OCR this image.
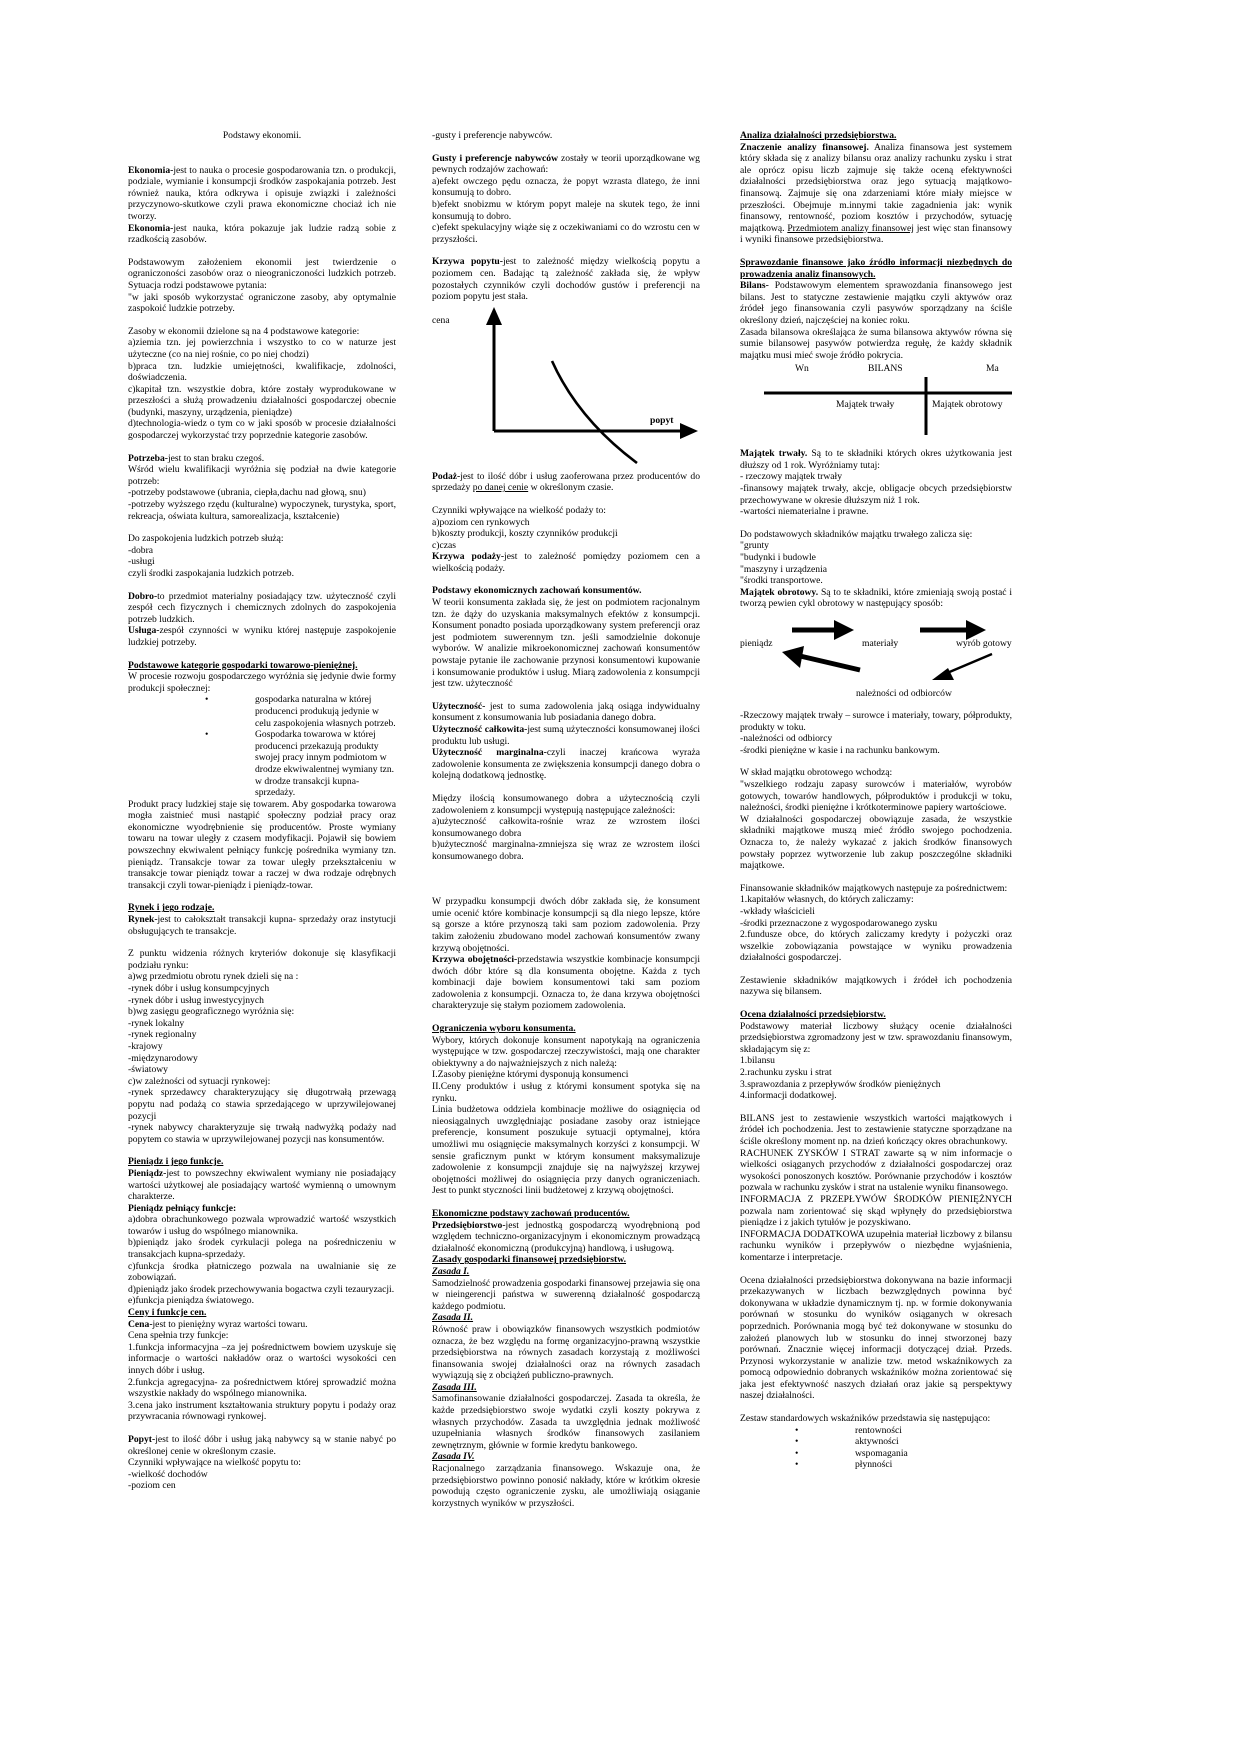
Podstawy ekonomii.
Ekonomia-jest to nauka o procesie gospodarowania tzn. o produkcji, podziale, wymianie i konsumpcji środków zaspokajania potrzeb. Jest również nauka, która odkrywa i opisuje związki i zależności przyczynowo-skutkowe czyli prawa ekonomiczne chociaż ich nie tworzy.
Ekonomia-jest nauka, która pokazuje jak ludzie radzą sobie z rzadkością zasobów.
Podstawowym założeniem ekonomii jest twierdzenie o ograniczoności zasobów oraz o nieograniczoności ludzkich potrzeb. Sytuacja rodzi podstawowe pytania:
"w jaki sposób wykorzystać ograniczone zasoby, aby optymalnie zaspokoić ludzkie potrzeby.
Zasoby w ekonomii dzielone są na 4 podstawowe kategorie:
a)ziemia tzn. jej powierzchnia i wszystko to co w naturze jest użyteczne (co na niej rośnie, co po niej chodzi)
b)praca tzn. ludzkie umiejętności, kwalifikacje, zdolności, doświadczenia.
c)kapitał tzn. wszystkie dobra, które zostały wyprodukowane w przeszłości a służą prowadzeniu działalności gospodarczej obecnie (budynki, maszyny, urządzenia, pieniądze)
d)technologia-wiedz o tym co w jaki sposób w procesie działalności gospodarczej wykorzystać trzy poprzednie kategorie zasobów.
Potrzeba-jest to stan braku czegoś.
Wśród wielu kwalifikacji wyróżnia się podział na dwie kategorie potrzeb:
-potrzeby podstawowe (ubrania, ciepła,dachu nad głową, snu)
-potrzeby wyższego rzędu (kulturalne) wypoczynek, turystyka, sport, rekreacja, oświata kultura, samorealizacja, kształcenie)
Do zaspokojenia ludzkich potrzeb służą:
-dobra
-usługi
czyli środki zaspokajania ludzkich potrzeb.
Dobro-to przedmiot materialny posiadający tzw. użyteczność czyli zespół cech fizycznych i chemicznych zdolnych do zaspokojenia potrzeb ludzkich.
Usługa-zespół czynności w wyniku której następuje zaspokojenie ludzkiej potrzeby.
Podstawowe kategorie gospodarki towarowo-pieniężnej.
W procesie rozwoju gospodarczego wyróżnia się jedynie dwie formy produkcji społecznej:
• gospodarka naturalna w której producenci produkują jedynie w celu zaspokojenia własnych potrzeb.
• Gospodarka towarowa w której producenci przekazują produkty swojej pracy innym podmiotom w drodze ekwiwalentnej wymiany tzn. w drodze transakcji kupna-sprzedaży.
Produkt pracy ludzkiej staje się towarem. Aby gospodarka towarowa mogła zaistnieć musi nastąpić społeczny podział pracy oraz ekonomiczne wyodrębnienie się producentów. Proste wymiany towaru na towar uległy z czasem modyfikacji. Pojawił się bowiem powszechny ekwiwalent pełniący funkcję pośrednika wymiany tzn. pieniądz. Transakcje towar za towar uległy przekształceniu w transakcje towar pieniądz towar a raczej w dwa rodzaje odrębnych transakcji czyli towar-pieniądz i pieniądz-towar.
Rynek i jego rodzaje.
Rynek-jest to całokształt transakcji kupna- sprzedaży oraz instytucji obsługujących te transakcje.
Z punktu widzenia różnych kryteriów dokonuje się klasyfikacji podziału rynku:
a)wg przedmiotu obrotu rynek dzieli się na :
-rynek dóbr i usług konsumpcyjnych
-rynek dóbr i usług inwestycyjnych
b)wg zasięgu geograficznego wyróżnia się:
-rynek lokalny
-rynek regionalny
-krajowy
-międzynarodowy
-światowy
c)w zależności od sytuacji rynkowej:
-rynek sprzedawcy charakteryzujący się długotrwałą przewagą popytu nad podażą co stawia sprzedającego w uprzywilejowanej pozycji
-rynek nabywcy charakteryzuje się trwałą nadwyżką podaży nad popytem co stawia w uprzywilejowanej pozycji nas konsumentów.
Pieniądz i jego funkcje.
Pieniądz-jest to powszechny ekwiwalent wymiany nie posiadający wartości użytkowej ale posiadający wartość wymienną o umownym charakterze.
Pieniądz pełniący funkcje:
a)dobra obrachunkowego pozwala wprowadzić wartość wszystkich towarów i usług do wspólnego mianownika.
b)pieniądz jako środek cyrkulacji polega na pośredniczeniu w transakcjach kupna-sprzedaży.
c)funkcja środka płatniczego pozwala na uwalnianie się ze zobowiązań.
d)pieniądz jako środek przechowywania bogactwa czyli tezauryzacji.
e)funkcja pieniądza światowego.
Ceny i funkcje cen.
Cena-jest to pieniężny wyraz wartości towaru.
Cena spełnia trzy funkcje:
1.funkcja informacyjna –za jej pośrednictwem bowiem uzyskuje się informacje o wartości nakładów oraz o wartości wysokości cen innych dóbr i usług.
2.funkcja agregacyjna- za pośrednictwem której sprowadzić można wszystkie nakłady do wspólnego mianownika.
3.cena jako instrument kształtowania struktury popytu i podaży oraz przywracania równowagi rynkowej.
Popyt-jest to ilość dóbr i usług jaką nabywcy są w stanie nabyć po określonej cenie w określonym czasie.
Czynniki wpływające na wielkość popytu to:
-wielkość dochodów
-poziom cen
-gusty i preferencje nabywców.
Gusty i preferencje nabywców zostały w teorii uporządkowane wg pewnych rodzajów zachowań:
a)efekt owczego pędu oznacza, że popyt wzrasta dlatego, że inni konsumują to dobro.
b)efekt snobizmu w którym popyt maleje na skutek tego, że inni konsumują to dobro.
c)efekt spekulacyjny wiąże się z oczekiwaniami co do wzrostu cen w przyszłości.
Krzywa popytu-jest to zależność między wielkością popytu a poziomem cen. Badając tą zależność zakłada się, że wpływ pozostałych czynników czyli dochodów gustów i preferencji na poziom popytu jest stała.
cena
popyt
Podaż-jest to ilość dóbr i usług zaoferowana przez producentów do sprzedaży po danej cenie w określonym czasie.
Czynniki wpływające na wielkość podaży to:
a)poziom cen rynkowych
b)koszty produkcji, koszty czynników produkcji
c)czas
Krzywa podaży-jest to zależność pomiędzy poziomem cen a wielkością podaży.
Podstawy ekonomicznych zachowań konsumentów.
W teorii konsumenta zakłada się, że jest on podmiotem racjonalnym tzn. że dąży do uzyskania maksymalnych efektów z konsumpcji. Konsument ponadto posiada uporządkowany system preferencji oraz jest podmiotem suwerennym tzn. jeśli samodzielnie dokonuje wyborów. W analizie mikroekonomicznej zachowań konsumentów powstaje pytanie ile zachowanie przynosi konsumentowi kupowanie i konsumowanie produktów i usług. Miarą zadowolenia z konsumpcji jest tzw. użyteczność
Użyteczność- jest to suma zadowolenia jaką osiąga indywidualny konsument z konsumowania lub posiadania danego dobra.
Użyteczność całkowita-jest sumą użyteczności konsumowanej ilości produktu lub usługi.
Użyteczność marginalna-czyli inaczej krańcowa wyraża zadowolenie konsumenta ze zwiększenia konsumpcji danego dobra o kolejną dodatkową jednostkę.
Między ilością konsumowanego dobra a użytecznością czyli zadowoleniem z konsumpcji występują następujące zależności:
a)użyteczność całkowita-rośnie wraz ze wzrostem ilości konsumowanego dobra
b)użyteczność marginalna-zmniejsza się wraz ze wzrostem ilości konsumowanego dobra.

W przypadku konsumpcji dwóch dóbr zakłada się, że konsument umie ocenić które kombinacje konsumpcji są dla niego lepsze, które są gorsze a które przynoszą taki sam poziom zadowolenia. Przy takim założeniu zbudowano model zachowań konsumentów zwany krzywą obojętności.
Krzywa obojętności-przedstawia wszystkie kombinacje konsumpcji dwóch dóbr które są dla konsumenta obojętne. Każda z tych kombinacji daje bowiem konsumentowi taki sam poziom zadowolenia z konsumpcji. Oznacza to, że dana krzywa obojętności charakteryzuje się stałym poziomem zadowolenia.
Ograniczenia wyboru konsumenta.
Wybory, których dokonuje konsument napotykają na ograniczenia występujące w tzw. gospodarczej rzeczywistości, mają one charakter obiektywny a do najważniejszych z nich należą:
I.Zasoby pieniężne którymi dysponują konsumenci
II.Ceny produktów i usług z którymi konsument spotyka się na rynku.
Linia budżetowa oddziela kombinacje możliwe do osiągnięcia od nieosiągalnych uwzględniając posiadane zasoby oraz istniejące preferencje, konsument poszukuje sytuacji optymalnej, która umożliwi mu osiągnięcie maksymalnych korzyści z konsumpcji. W sensie graficznym punkt w którym konsument maksymalizuje zadowolenie z konsumpcji znajduje się na najwyższej krzywej obojętności możliwej do osiągnięcia przy danych ograniczeniach. Jest to punkt styczności linii budżetowej z krzywą obojętności.
Ekonomiczne podstawy zachowań producentów.
Przedsiębiorstwo-jest jednostką gospodarczą wyodrębnioną pod względem techniczno-organizacyjnym i ekonomicznym prowadzącą działalność ekonomiczną (produkcyjną) handlową, i usługową.
Zasady gospodarki finansowej przedsiębiorstw.
Zasada I.
Samodzielność prowadzenia gospodarki finansowej przejawia się ona w nieingerencji państwa w suwerenną działalność gospodarczą każdego podmiotu.
Zasada II.
Równość praw i obowiązków finansowych wszystkich podmiotów oznacza, że bez względu na formę organizacyjno-prawną wszystkie przedsiębiorstwa na równych zasadach korzystają z możliwości finansowania swojej działalności oraz na równych zasadach wywiązują się z obciążeń publiczno-prawnych.
Zasada III.
Samofinansowanie działalności gospodarczej. Zasada ta określa, że każde przedsiębiorstwo swoje wydatki czyli koszty pokrywa z własnych przychodów. Zasada ta uwzględnia jednak możliwość uzupełniania własnych środków finansowych zasilaniem zewnętrznym, głównie w formie kredytu bankowego.
Zasada IV.
Racjonalnego zarządzania finansowego. Wskazuje ona, że przedsiębiorstwo powinno ponosić nakłady, które w krótkim okresie powodują często ograniczenie zysku, ale umożliwiają osiąganie korzystnych wyników w przyszłości.
Analiza działalności przedsiębiorstwa.
Znaczenie analizy finansowej. Analiza finansowa jest systemem który składa się z analizy bilansu oraz analizy rachunku zysku i strat ale oprócz opisu liczb zajmuje się także oceną efektywności działalności przedsiębiorstwa oraz jego sytuacją majątkowo-finansową. Zajmuje się ona zdarzeniami które miały miejsce w przeszłości. Obejmuje m.innymi takie zagadnienia jak: wynik finansowy, rentowność, poziom kosztów i przychodów, sytuację majątkową. Przedmiotem analizy finansowej jest więc stan finansowy i wyniki finansowe przedsiębiorstwa.
Sprawozdanie finansowe jako źródło informacji niezbędnych do prowadzenia analiz finansowych.
Bilans- Podstawowym elementem sprawozdania finansowego jest bilans. Jest to statyczne zestawienie majątku czyli aktywów oraz źródeł jego finansowania czyli pasywów sporządzany na ściśle określony dzień, najczęściej na koniec roku.
Zasada bilansowa określająca że suma bilansowa aktywów równa się sumie bilansowej pasywów potwierdza regułę, że każdy składnik majątku musi mieć swoje źródło pokrycia.
Wn	BILANS	Ma
Majątek trwały	Majątek obrotowy
Majątek trwały. Są to te składniki których okres użytkowania jest dłuższy od 1 rok. Wyróżniamy tutaj:
- rzeczowy majątek trwały
-finansowy majątek trwały, akcje, obligacje obcych przedsiębiorstw przechowywane w okresie dłuższym niż 1 rok.
-wartości niematerialne i prawne.
Do podstawowych składników majątku trwałego zalicza się:
"grunty
"budynki i budowle
"maszyny i urządzenia
"środki transportowe.
Majątek obrotowy. Są to te składniki, które zmieniają swoją postać i tworzą pewien cykl obrotowy w następujący sposób:
pieniądz	materiały	wyrób gotowy
należności od odbiorców
-Rzeczowy majątek trwały – surowce i materiały, towary, półprodukty, produkty w toku.
-należności od odbiorcy
-środki pieniężne w kasie i na rachunku bankowym.
W skład majątku obrotowego wchodzą:
"wszelkiego rodzaju zapasy surowców i materiałów, wyrobów gotowych, towarów handlowych, półproduktów i produkcji w toku, należności, środki pieniężne i krótkoterminowe papiery wartościowe.
W działalności gospodarczej obowiązuje zasada, że wszystkie składniki majątkowe muszą mieć źródło swojego pochodzenia. Oznacza to, że należy wykazać z jakich środków finansowych powstały poprzez wytworzenie lub zakup poszczególne składniki majątkowe.
Finansowanie składników majątkowych następuje za pośrednictwem:
1.kapitałów własnych, do których zaliczamy:
-wkłady właścicieli
-środki przeznaczone z wygospodarowanego zysku
2.fundusze obce, do których zaliczamy kredyty i pożyczki oraz wszelkie zobowiązania powstające w wyniku prowadzenia działalności gospodarczej.
Zestawienie składników majątkowych i źródeł ich pochodzenia nazywa się bilansem.
Ocena działalności przedsiębiorstw.
Podstawowy materiał liczbowy służący ocenie działalności przedsiębiorstwa zgromadzony jest w tzw. sprawozdaniu finansowym, składającym się z:
1.bilansu
2.rachunku zysku i strat
3.sprawozdania z przepływów środków pieniężnych
4.informacji dodatkowej.
BILANS jest to zestawienie wszystkich wartości majątkowych i źródeł ich pochodzenia. Jest to zestawienie statyczne sporządzane na ściśle określony moment np. na dzień kończący okres obrachunkowy.
RACHUNEK ZYSKÓW I STRAT zawarte są w nim informacje o wielkości osiąganych przychodów z działalności gospodarczej oraz wysokości ponoszonych kosztów. Porównanie przychodów i kosztów pozwala w rachunku zysków i strat na ustalenie wyniku finansowego.
INFORMACJA Z PRZEPŁYWÓW ŚRODKÓW PIENIĘŻNYCH pozwala nam zorientować się skąd wpłynęły do przedsiębiorstwa pieniądze i z jakich tytułów je pozyskiwano.
INFORMACJA DODATKOWA uzupełnia materiał liczbowy z bilansu rachunku wyników i przepływów o niezbędne wyjaśnienia, komentarze i interpretacje.
Ocena działalności przedsiębiorstwa dokonywana na bazie informacji przekazywanych w liczbach bezwzględnych powinna być dokonywana w układzie dynamicznym tj. np. w formie dokonywania porównań w stosunku do wyników osiąganych w okresach poprzednich. Porównania mogą być też dokonywane w stosunku do założeń planowych lub w stosunku do innej stworzonej bazy porównań. Znacznie więcej informacji dotyczącej dział. Przeds. Przynosi wykorzystanie w analizie tzw. metod wskaźnikowych za pomocą odpowiednio dobranych wskaźników można zorientować się jaka jest efektywność naszych działań oraz jakie są perspektywy naszej działalności.
Zestaw standardowych wskaźników przedstawia się następująco:
• rentowności
• aktywności
• wspomagania
• płynności
